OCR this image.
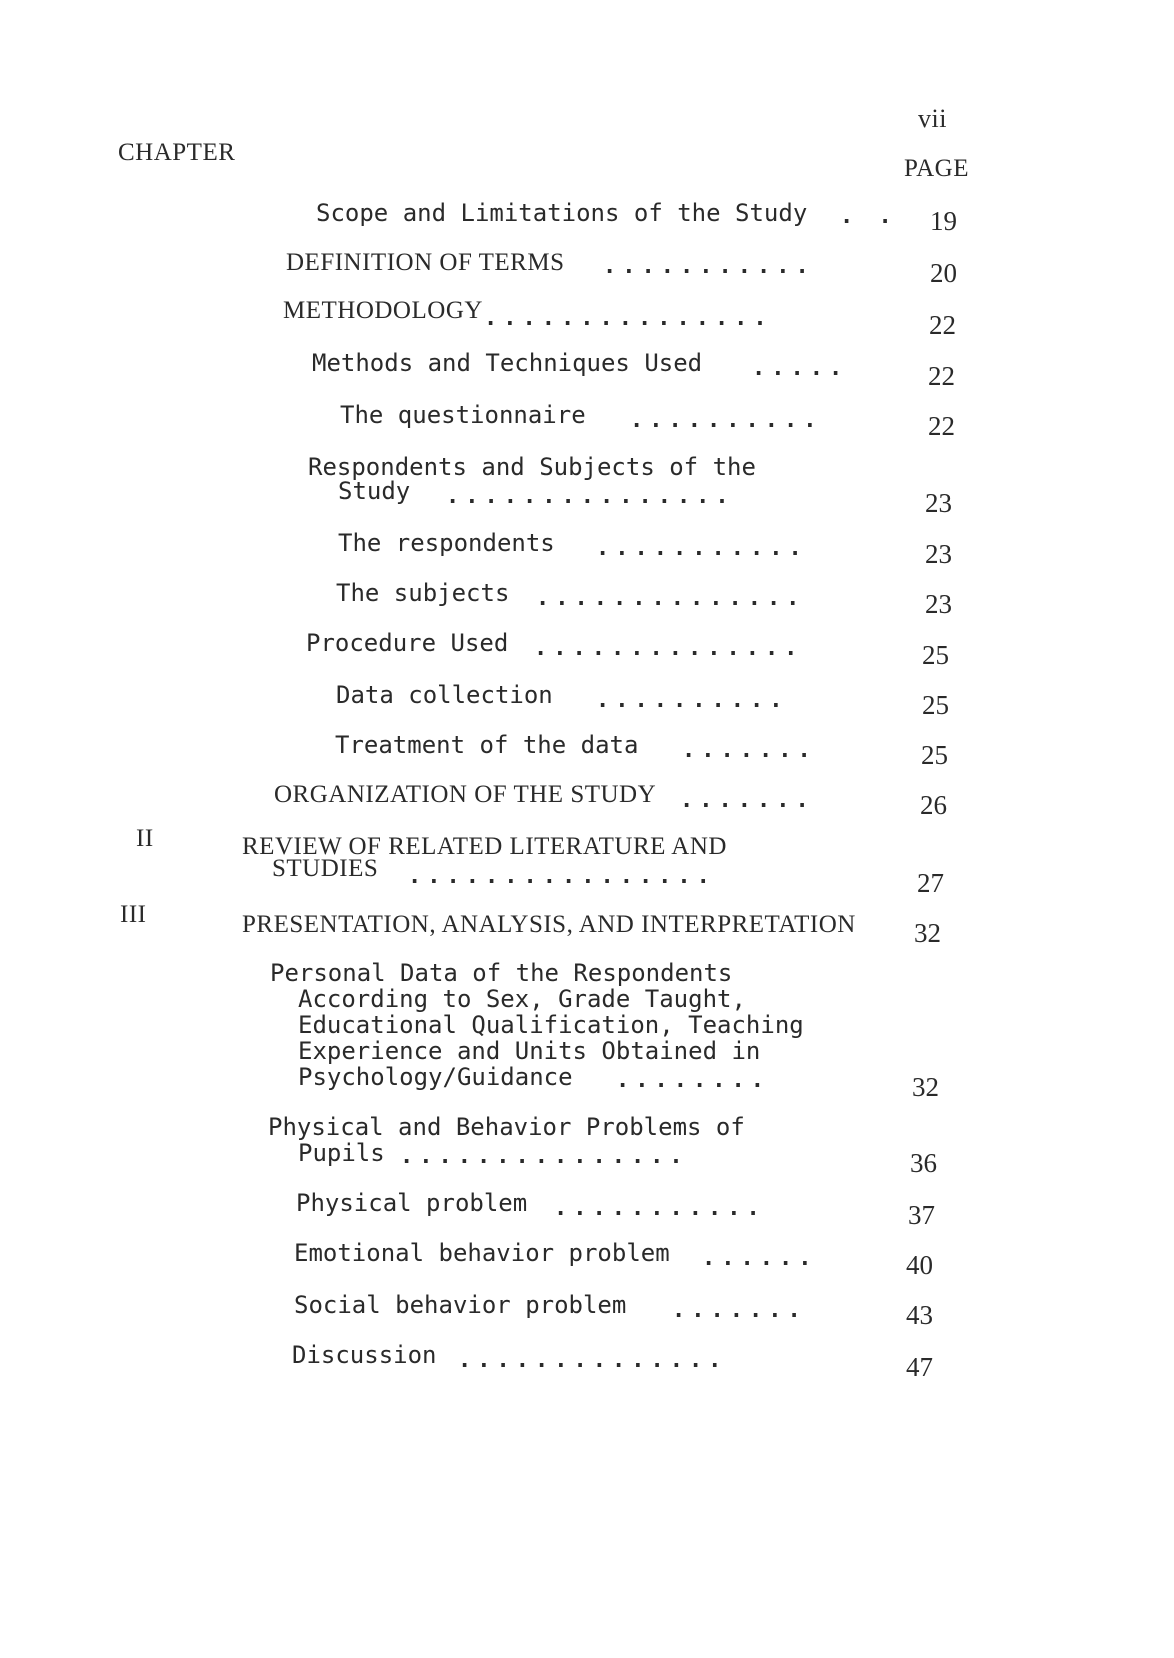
vii
CHAPTER
PAGE
Scope and Limitations of the Study . . 19
DEFINITION OF TERMS ...........	20
METHODOLOGY ...............	22
Methods and Techniques Used .....	22
The questionnaire ..........	22
Respondents and Subjects of the
Study ...............	23
The respondents ...........	23
The subjects ..............	23
Procedure Used ..............	25
Data collection ..........	25
Treatment of the data .......	25
ORGANIZATION OF THE STUDY .......	26
II	REVIEW OF RELATED LITERATURE AND
STUDIES ................	27
III	PRESENTATION, ANALYSIS, AND INTERPRETATION 32
Personal Data of the Respondents
According to Sex, Grade Taught,
Educational Qualification, Teaching
Experience and Units Obtained in
Psychology/Guidance ........	32
Physical and Behavior Problems of
Pupils ...............	36
Physical problem ...........	37
Emotional behavior problem ......	40
Social behavior problem .......	43
Discussion ..............	47
